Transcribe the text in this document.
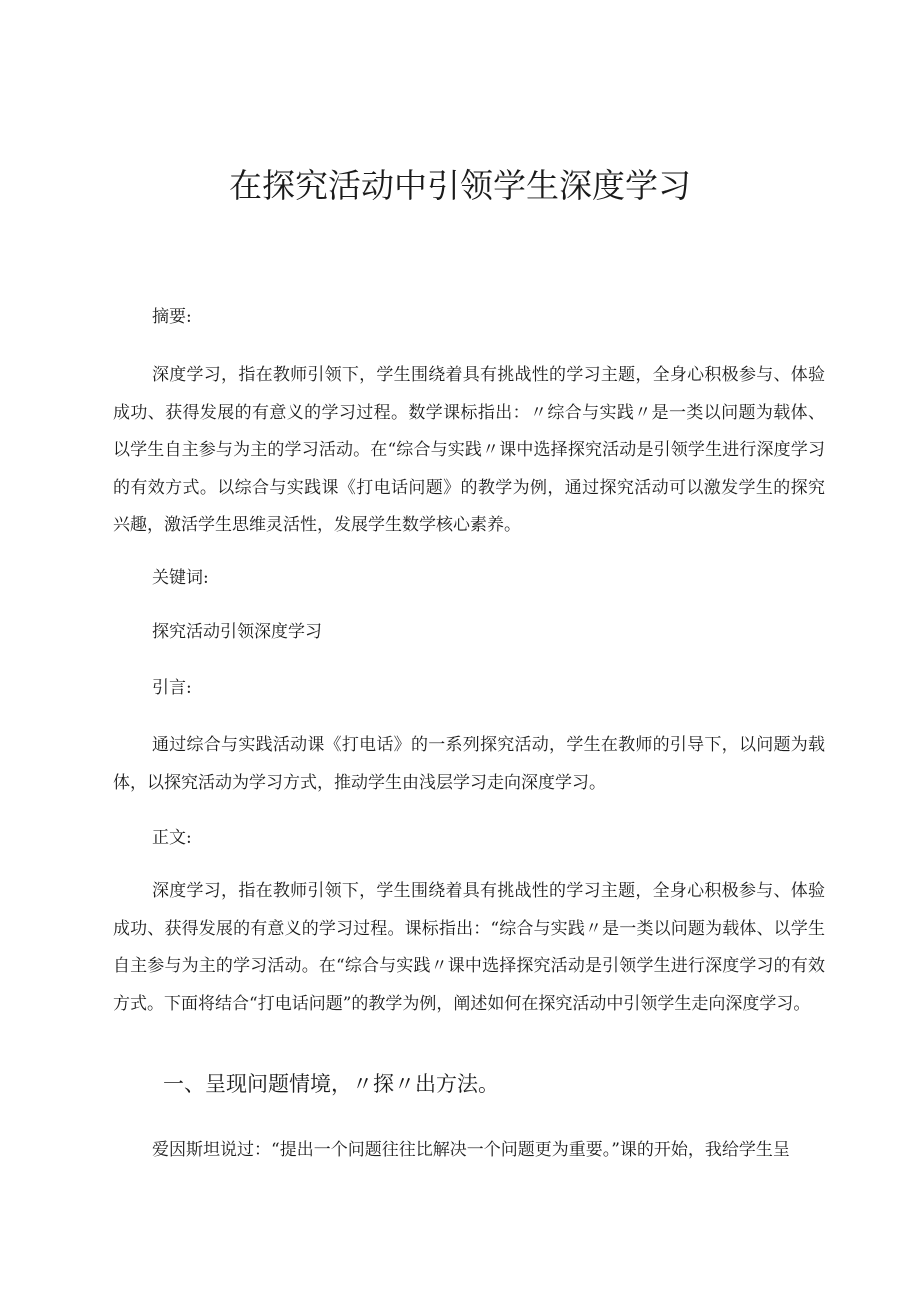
在探究活动中引领学生深度学习

摘要:

深度学习，指在教师引领下，学生围绕着具有挑战性的学习主题，全身心积极参与、体验成功、获得发展的有意义的学习过程。数学课标指出：〃综合与实践〃是一类以问题为载体、以学生自主参与为主的学习活动。在“综合与实践〃课中选择探究活动是引领学生进行深度学习的有效方式。以综合与实践课《打电话问题》的教学为例，通过探究活动可以激发学生的探究兴趣，激活学生思维灵活性，发展学生数学核心素养。

关键词:

探究活动引领深度学习

引言:

通过综合与实践活动课《打电话》的一系列探究活动，学生在教师的引导下，以问题为载体，以探究活动为学习方式，推动学生由浅层学习走向深度学习。

正文:

深度学习，指在教师引领下，学生围绕着具有挑战性的学习主题，全身心积极参与、体验成功、获得发展的有意义的学习过程。课标指出：“综合与实践〃是一类以问题为载体、以学生自主参与为主的学习活动。在“综合与实践〃课中选择探究活动是引领学生进行深度学习的有效方式。下面将结合“打电话问题”的教学为例，阐述如何在探究活动中引领学生走向深度学习。

一、呈现问题情境，〃探〃出方法。

爱因斯坦说过：“提出一个问题往往比解决一个问题更为重要。”课的开始，我给学生呈
